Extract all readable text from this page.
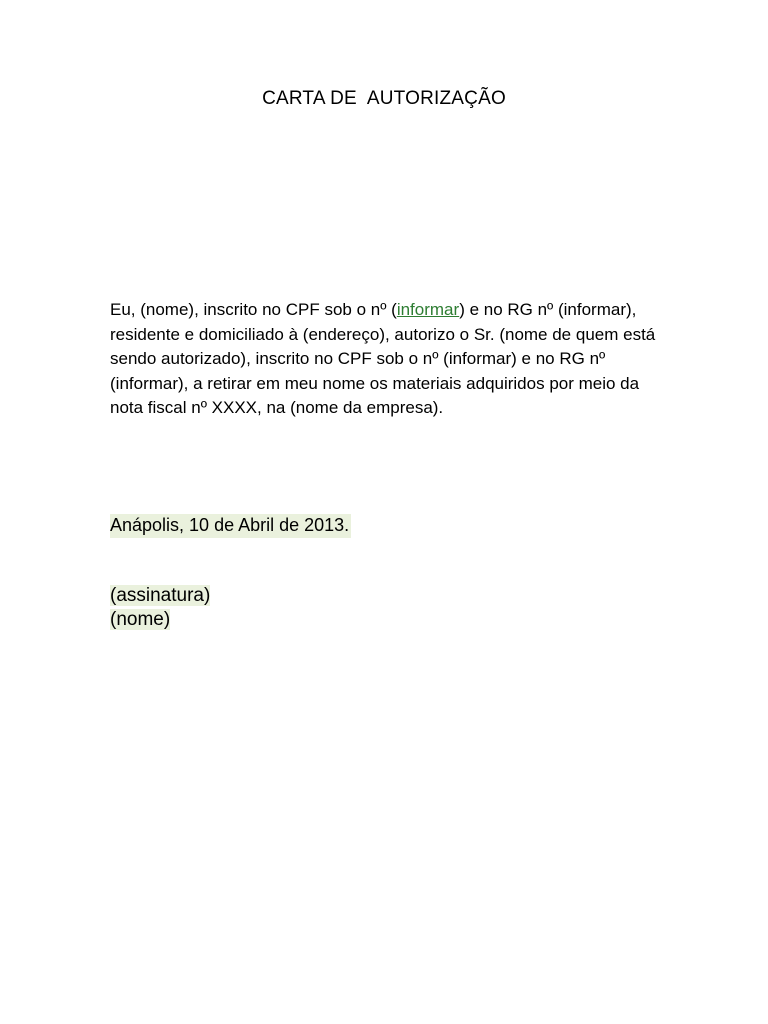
CARTA DE  AUTORIZAÇÃO
Eu, (nome), inscrito no CPF sob o nº (informar) e no RG nº (informar), residente e domiciliado à (endereço), autorizo o Sr. (nome de quem está sendo autorizado), inscrito no CPF sob o nº (informar) e no RG nº (informar), a retirar em meu nome os materiais adquiridos por meio da nota fiscal nº XXXX, na (nome da empresa).
Anápolis, 10 de Abril de 2013.
(assinatura)
(nome)
